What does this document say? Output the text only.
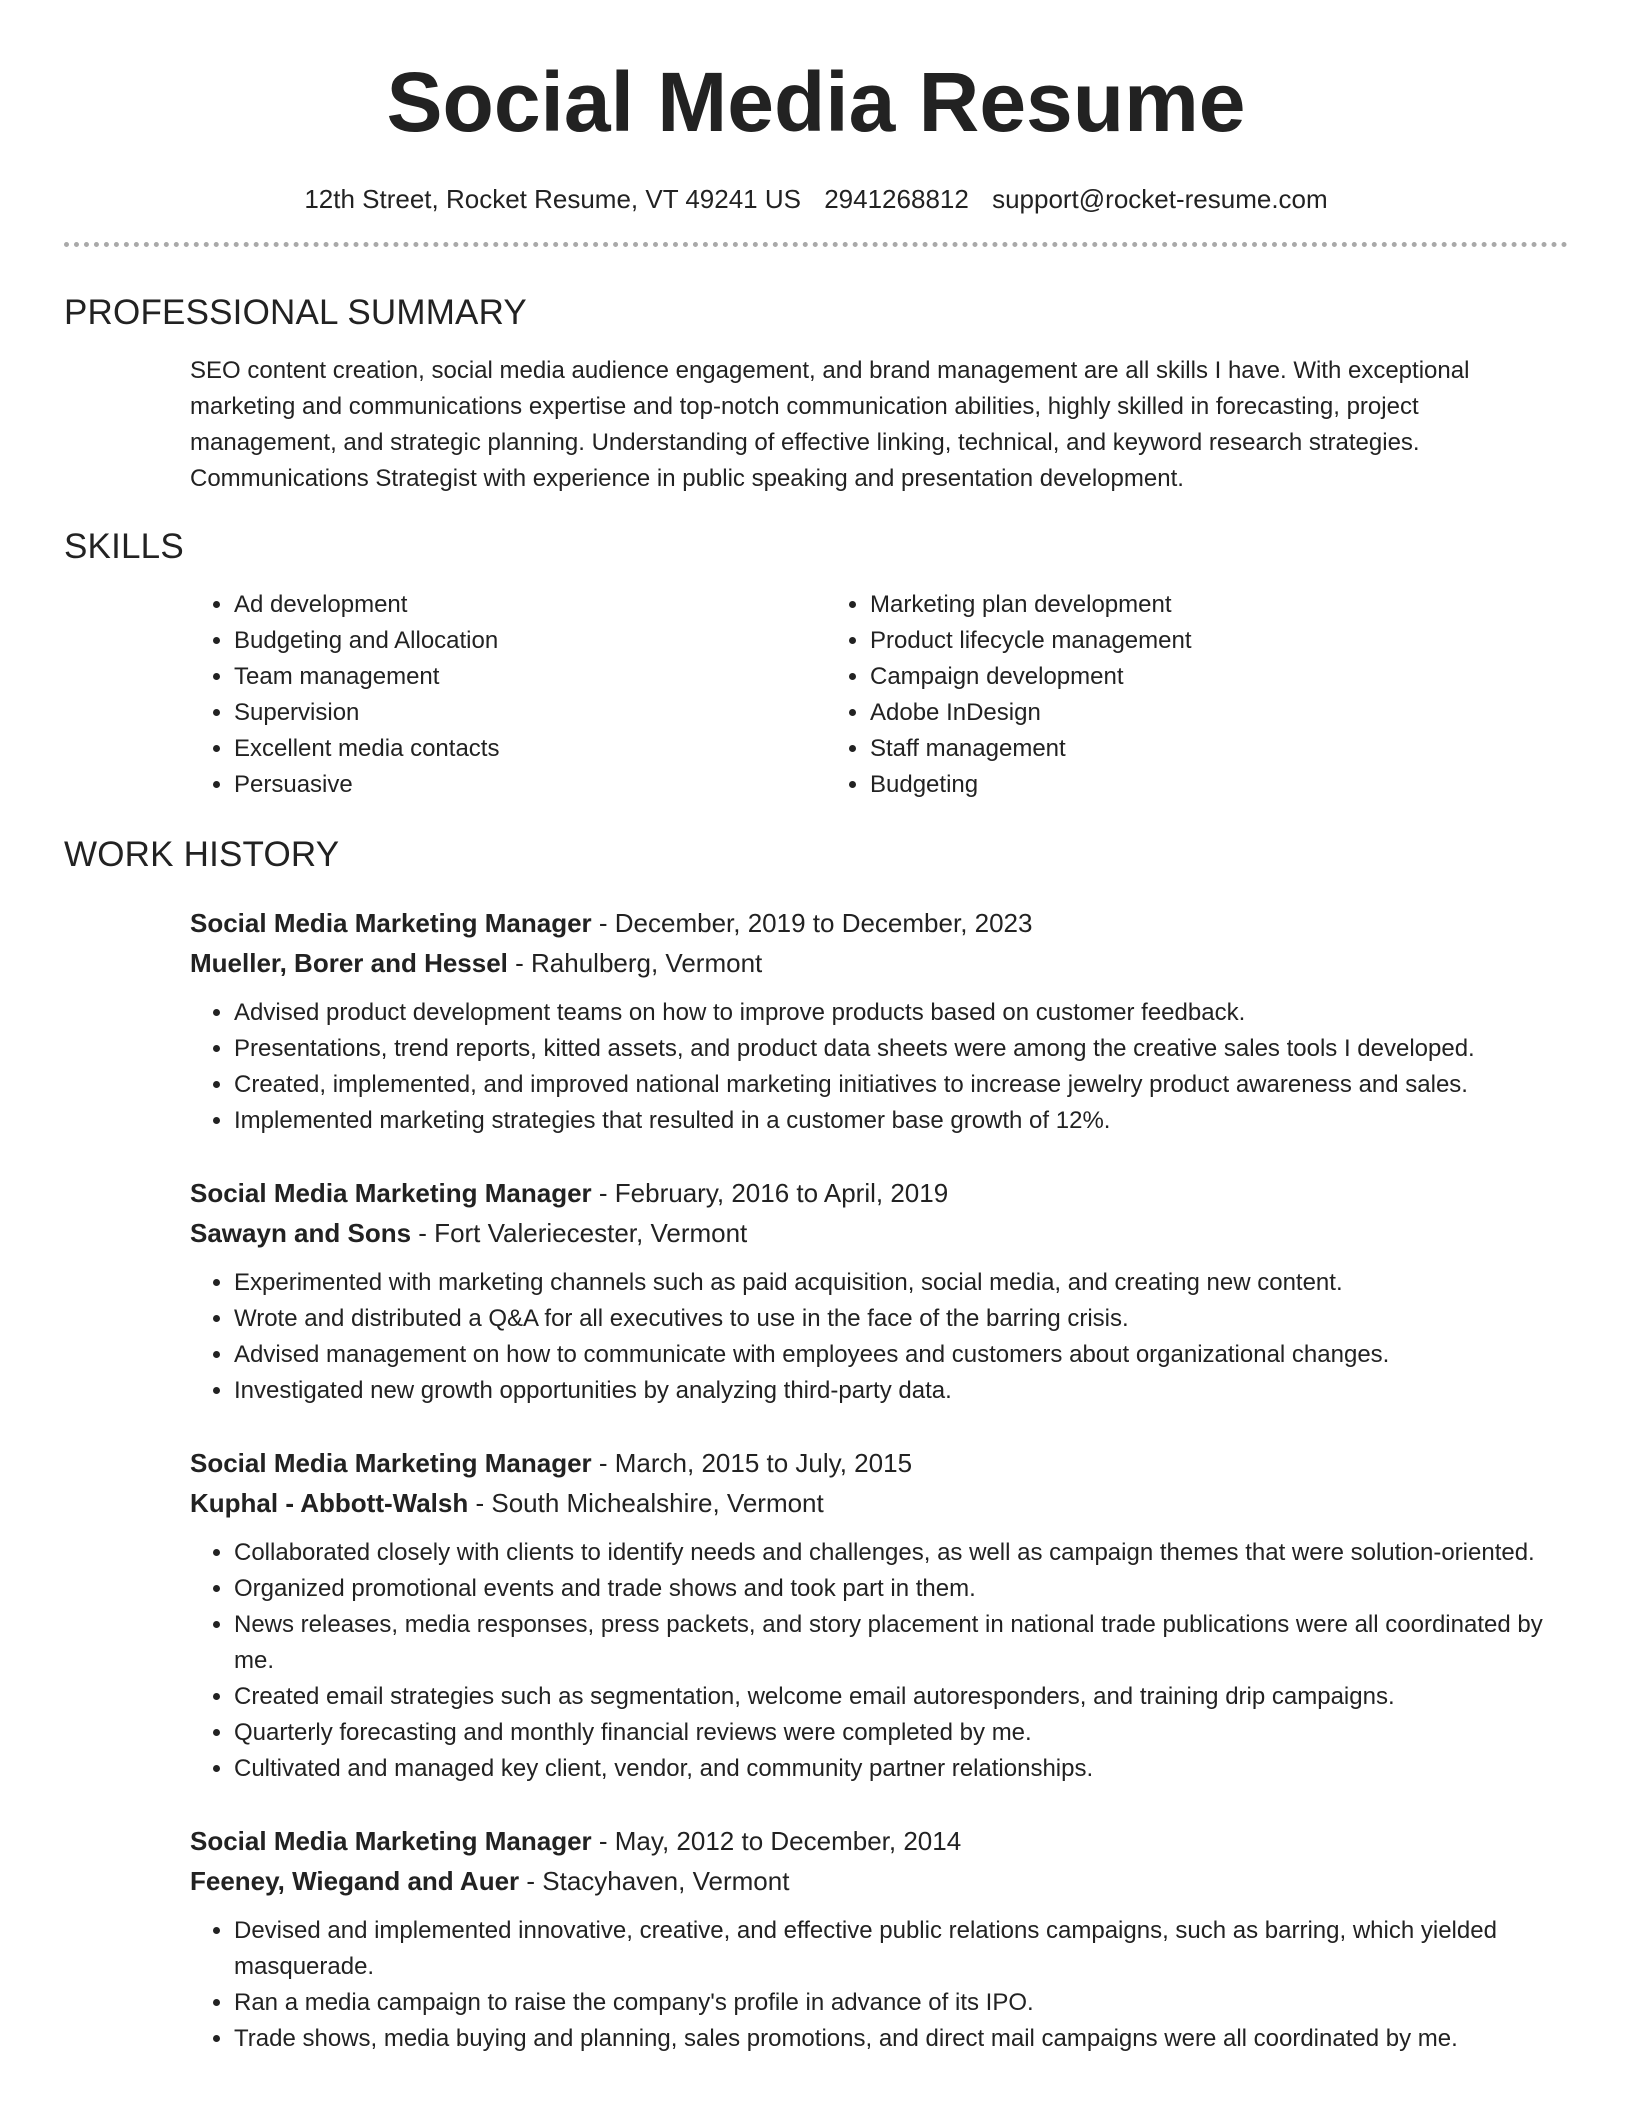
Social Media Resume
12th Street, Rocket Resume, VT 49241 US 2941268812 support@rocket-resume.com
PROFESSIONAL SUMMARY

SEO content creation, social media audience engagement, and brand management are all skills I have. With exceptional marketing and communications expertise and top-notch communication abilities, highly skilled in forecasting, project management, and strategic planning. Understanding of effective linking, technical, and keyword research strategies. Communications Strategist with experience in public speaking and presentation development.

SKILLS
• Ad development
• Budgeting and Allocation
• Team management
• Supervision
• Excellent media contacts
• Persuasive
• Marketing plan development
• Product lifecycle management
• Campaign development
• Adobe InDesign
• Staff management
• Budgeting
WORK HISTORY
Social Media Marketing Manager - December, 2019 to December, 2023
Mueller, Borer and Hessel - Rahulberg, Vermont
• Advised product development teams on how to improve products based on customer feedback.
• Presentations, trend reports, kitted assets, and product data sheets were among the creative sales tools I developed.
• Created, implemented, and improved national marketing initiatives to increase jewelry product awareness and sales.
• Implemented marketing strategies that resulted in a customer base growth of 12%.
Social Media Marketing Manager - February, 2016 to April, 2019
Sawayn and Sons - Fort Valeriecester, Vermont
• Experimented with marketing channels such as paid acquisition, social media, and creating new content.
• Wrote and distributed a Q&A for all executives to use in the face of the barring crisis.
• Advised management on how to communicate with employees and customers about organizational changes.
• Investigated new growth opportunities by analyzing third-party data.
Social Media Marketing Manager - March, 2015 to July, 2015
Kuphal - Abbott-Walsh - South Michealshire, Vermont
• Collaborated closely with clients to identify needs and challenges, as well as campaign themes that were solution-oriented.
• Organized promotional events and trade shows and took part in them.
• News releases, media responses, press packets, and story placement in national trade publications were all coordinated by me.
• Created email strategies such as segmentation, welcome email autoresponders, and training drip campaigns.
• Quarterly forecasting and monthly financial reviews were completed by me.
• Cultivated and managed key client, vendor, and community partner relationships.
Social Media Marketing Manager - May, 2012 to December, 2014
Feeney, Wiegand and Auer - Stacyhaven, Vermont
• Devised and implemented innovative, creative, and effective public relations campaigns, such as barring, which yielded masquerade.
• Ran a media campaign to raise the company's profile in advance of its IPO.
• Trade shows, media buying and planning, sales promotions, and direct mail campaigns were all coordinated by me.
